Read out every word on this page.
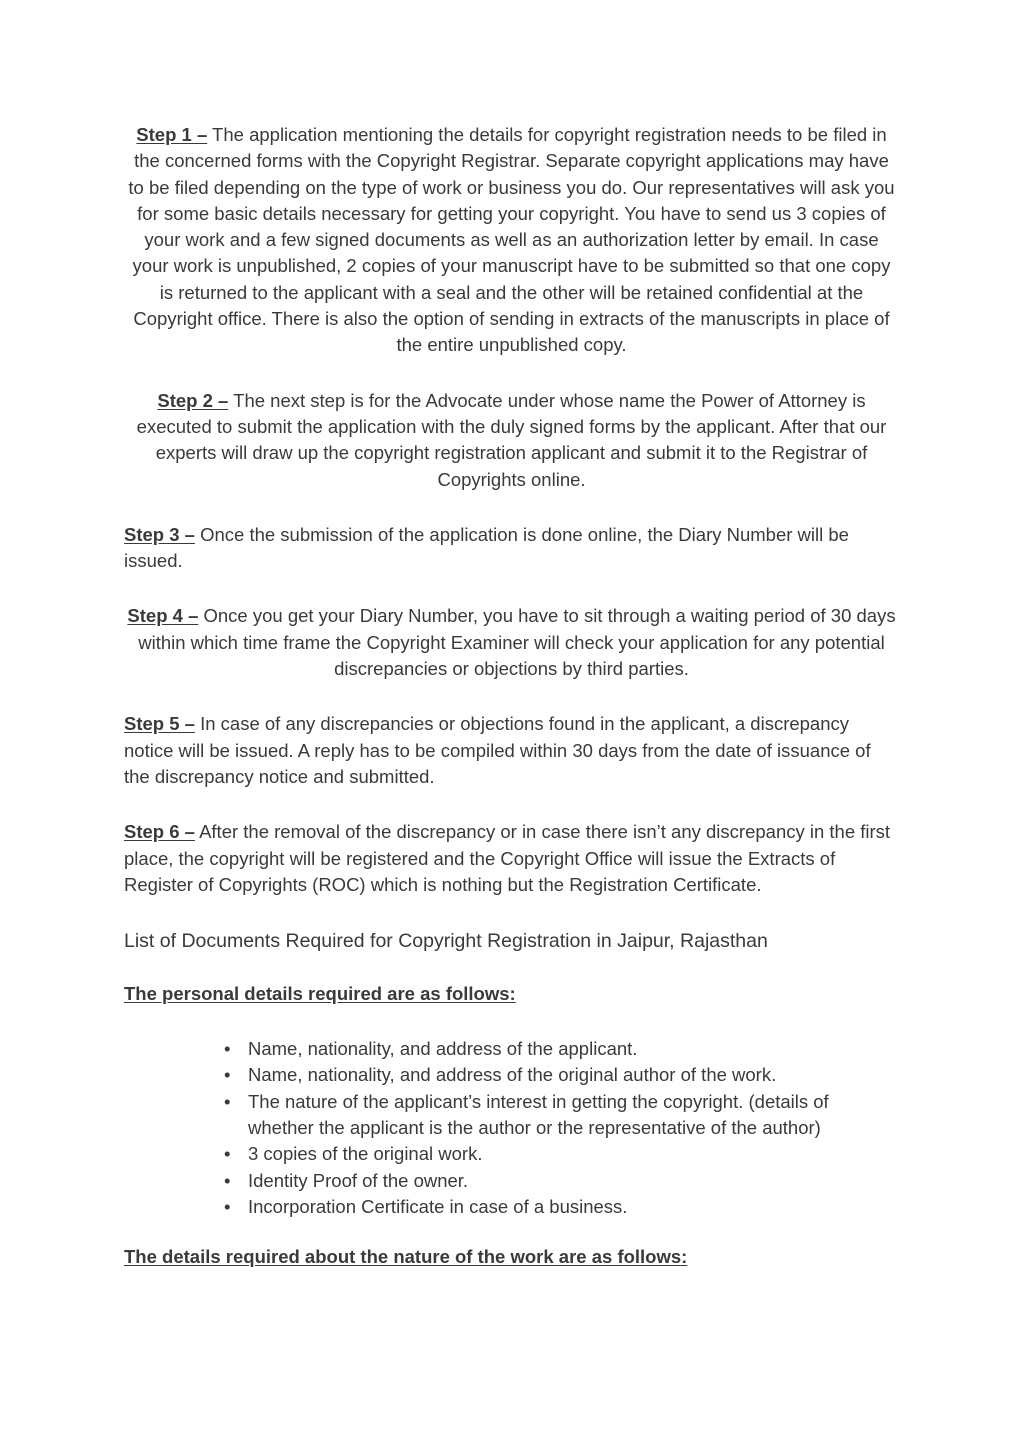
Step 1 – The application mentioning the details for copyright registration needs to be filed in the concerned forms with the Copyright Registrar. Separate copyright applications may have to be filed depending on the type of work or business you do. Our representatives will ask you for some basic details necessary for getting your copyright. You have to send us 3 copies of your work and a few signed documents as well as an authorization letter by email. In case your work is unpublished, 2 copies of your manuscript have to be submitted so that one copy is returned to the applicant with a seal and the other will be retained confidential at the Copyright office. There is also the option of sending in extracts of the manuscripts in place of the entire unpublished copy.

Step 2 – The next step is for the Advocate under whose name the Power of Attorney is executed to submit the application with the duly signed forms by the applicant. After that our experts will draw up the copyright registration applicant and submit it to the Registrar of Copyrights online.

Step 3 – Once the submission of the application is done online, the Diary Number will be issued.

Step 4 – Once you get your Diary Number, you have to sit through a waiting period of 30 days within which time frame the Copyright Examiner will check your application for any potential discrepancies or objections by third parties.

Step 5 – In case of any discrepancies or objections found in the applicant, a discrepancy notice will be issued. A reply has to be compiled within 30 days from the date of issuance of the discrepancy notice and submitted.

Step 6 – After the removal of the discrepancy or in case there isn’t any discrepancy in the first place, the copyright will be registered and the Copyright Office will issue the Extracts of Register of Copyrights (ROC) which is nothing but the Registration Certificate.

List of Documents Required for Copyright Registration in Jaipur, Rajasthan

The personal details required are as follows:

• Name, nationality, and address of the applicant.
• Name, nationality, and address of the original author of the work.
• The nature of the applicant’s interest in getting the copyright. (details of whether the applicant is the author or the representative of the author)
• 3 copies of the original work.
• Identity Proof of the owner.
• Incorporation Certificate in case of a business.

The details required about the nature of the work are as follows:
